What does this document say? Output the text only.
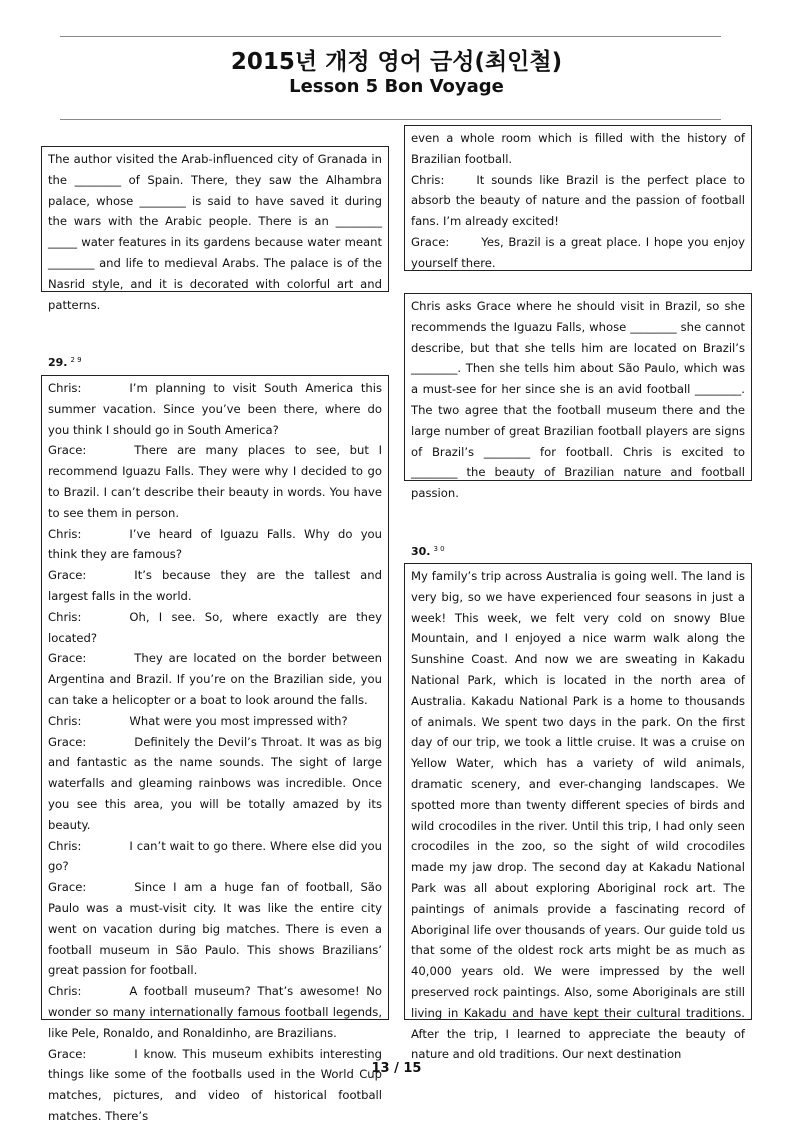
2015년 개정 영어 금성(최인철)
Lesson 5 Bon Voyage

The author visited the Arab-influenced city of Granada in the ________ of Spain. There, they saw the Alhambra palace, whose ________ is said to have saved it during the wars with the Arabic people. There is an ________ _____ water features in its gardens because water meant ________ and life to medieval Arabs. The palace is of the Nasrid style, and it is decorated with colorful art and patterns.

29. $^{2 9}$

Chris:	I’m planning to visit South America this summer vacation. Since you’ve been there, where do you think I should go in South America?

Grace:	There are many places to see, but I recommend Iguazu Falls. They were why I decided to go to Brazil. I can’t describe their beauty in words. You have to see them in person.

Chris:	I’ve heard of Iguazu Falls. Why do you think they are famous?

Grace:	It’s because they are the tallest and largest falls in the world.

Chris:	Oh, I see. So, where exactly are they located?

Grace:	They are located on the border between Argentina and Brazil. If you’re on the Brazilian side, you can take a helicopter or a boat to look around the falls.

Chris:	What were you most impressed with?

Grace:	Definitely the Devil’s Throat. It was as big and fantastic as the name sounds. The sight of large waterfalls and gleaming rainbows was incredible. Once you see this area, you will be totally amazed by its beauty.

Chris:	I can’t wait to go there. Where else did you go?

Grace:	Since I am a huge fan of football, São Paulo was a must-visit city. It was like the entire city went on vacation during big matches. There is even a football museum in São Paulo. This shows Brazilians’ great passion for football.

Chris:	A football museum? That’s awesome! No wonder so many internationally famous football legends, like Pele, Ronaldo, and Ronaldinho, are Brazilians.

Grace:	I know. This museum exhibits interesting things like some of the footballs used in the World Cup matches, pictures, and video of historical football matches. There’s

even a whole room which is filled with the history of Brazilian football.

Chris:	It sounds like Brazil is the perfect place to absorb the beauty of nature and the passion of football fans. I’m already excited!

Grace:	Yes, Brazil is a great place. I hope you enjoy yourself there.

Chris asks Grace where he should visit in Brazil, so she recommends the Iguazu Falls, whose ________ she cannot describe, but that she tells him are located on Brazil’s ________. Then she tells him about São Paulo, which was a must-see for her since she is an avid football ________. The two agree that the football museum there and the large number of great Brazilian football players are signs of Brazil’s ________ for football. Chris is excited to ________ the beauty of Brazilian nature and football passion.

30. $^{3 0}$

My family’s trip across Australia is going well. The land is very big, so we have experienced four seasons in just a week! This week, we felt very cold on snowy Blue Mountain, and I enjoyed a nice warm walk along the Sunshine Coast. And now we are sweating in Kakadu National Park, which is located in the north area of Australia. Kakadu National Park is a home to thousands of animals. We spent two days in the park. On the first day of our trip, we took a little cruise. It was a cruise on Yellow Water, which has a variety of wild animals, dramatic scenery, and ever-changing landscapes. We spotted more than twenty different species of birds and wild crocodiles in the river. Until this trip, I had only seen crocodiles in the zoo, so the sight of wild crocodiles made my jaw drop. The second day at Kakadu National Park was all about exploring Aboriginal rock art. The paintings of animals provide a fascinating record of Aboriginal life over thousands of years. Our guide told us that some of the oldest rock arts might be as much as 40,000 years old. We were impressed by the well preserved rock paintings. Also, some Aboriginals are still living in Kakadu and have kept their cultural traditions. After the trip, I learned to appreciate the beauty of nature and old traditions. Our next destination

13 / 15
